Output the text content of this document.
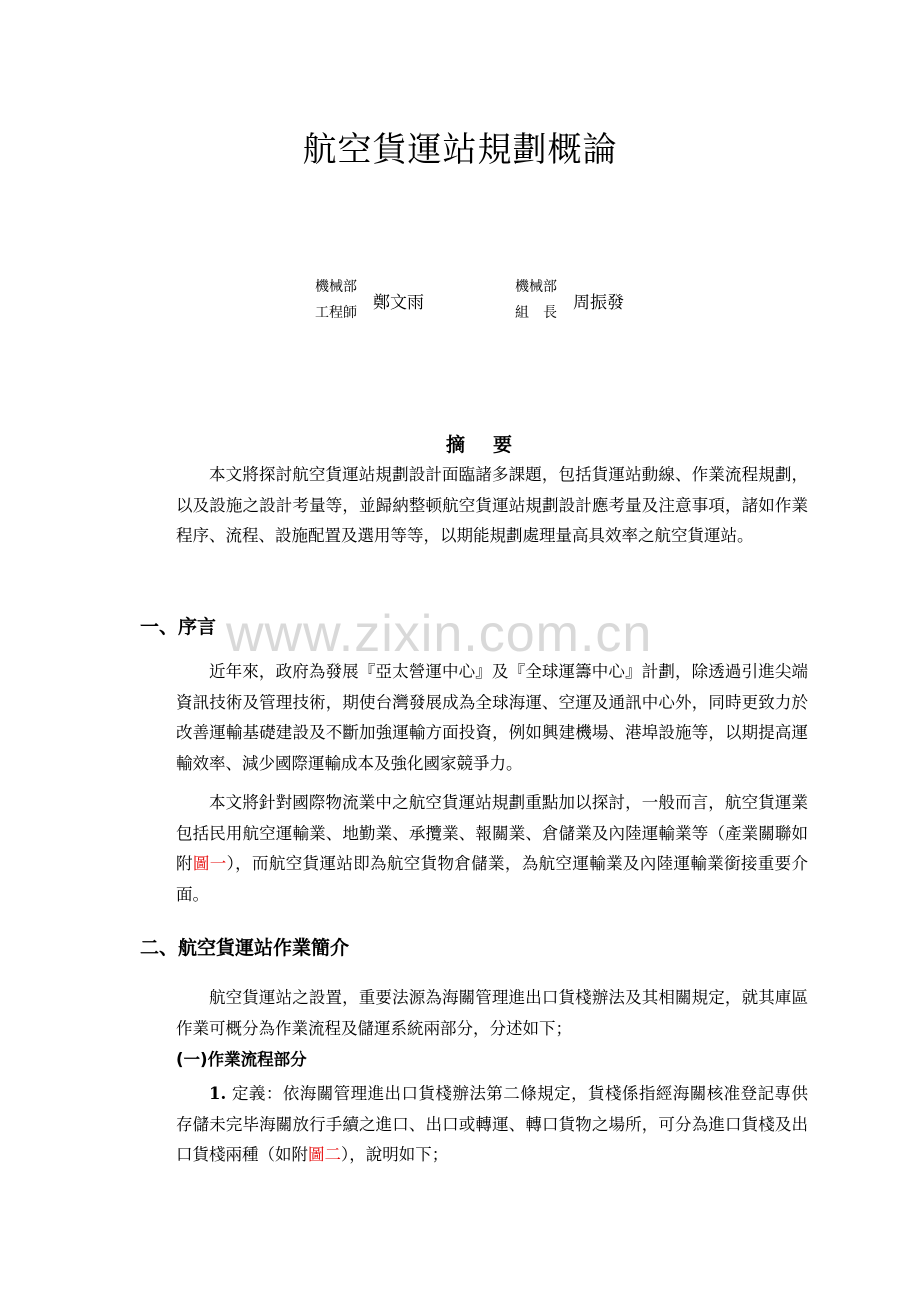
航空貨運站規劃概論
機械部
工程師 鄭文雨
機械部
組　長 周振發
摘要

本文將探討航空貨運站規劃設計面臨諸多課題，包括貨運站動線、作業流程規劃，以及設施之設計考量等，並歸納整顿航空貨運站規劃設計應考量及注意事項，諸如作業程序、流程、設施配置及選用等等，以期能規劃處理量高具效率之航空貨運站。

www.zixin.com.cn
一、序言

近年來，政府為發展『亞太營運中心』及『全球運籌中心』計劃，除透過引進尖端資訊技術及管理技術，期使台灣發展成為全球海運、空運及通訊中心外，同時更致力於改善運輸基礎建設及不斷加強運輸方面投資，例如興建機場、港埠設施等，以期提高運輸效率、減少國際運輸成本及強化國家競爭力。

本文將針對國際物流業中之航空貨運站規劃重點加以探討，一般而言，航空貨運業包括民用航空運輸業、地勤業、承攬業、報關業、倉儲業及內陸運輸業等（產業關聯如附圖一），而航空貨運站即為航空貨物倉儲業，為航空運輸業及內陸運輸業銜接重要介面。

二、航空貨運站作業簡介

航空貨運站之設置，重要法源為海關管理進出口貨棧辦法及其相關規定，就其庫區作業可概分為作業流程及儲運系統兩部分，分述如下；

(一)作業流程部分

1. 定義：依海關管理進出口貨棧辦法第二條規定，貨棧係指經海關核准登記專供存儲未完毕海關放行手續之進口、出口或轉運、轉口貨物之場所，可分為進口貨棧及出口貨棧兩種（如附圖二），說明如下；
